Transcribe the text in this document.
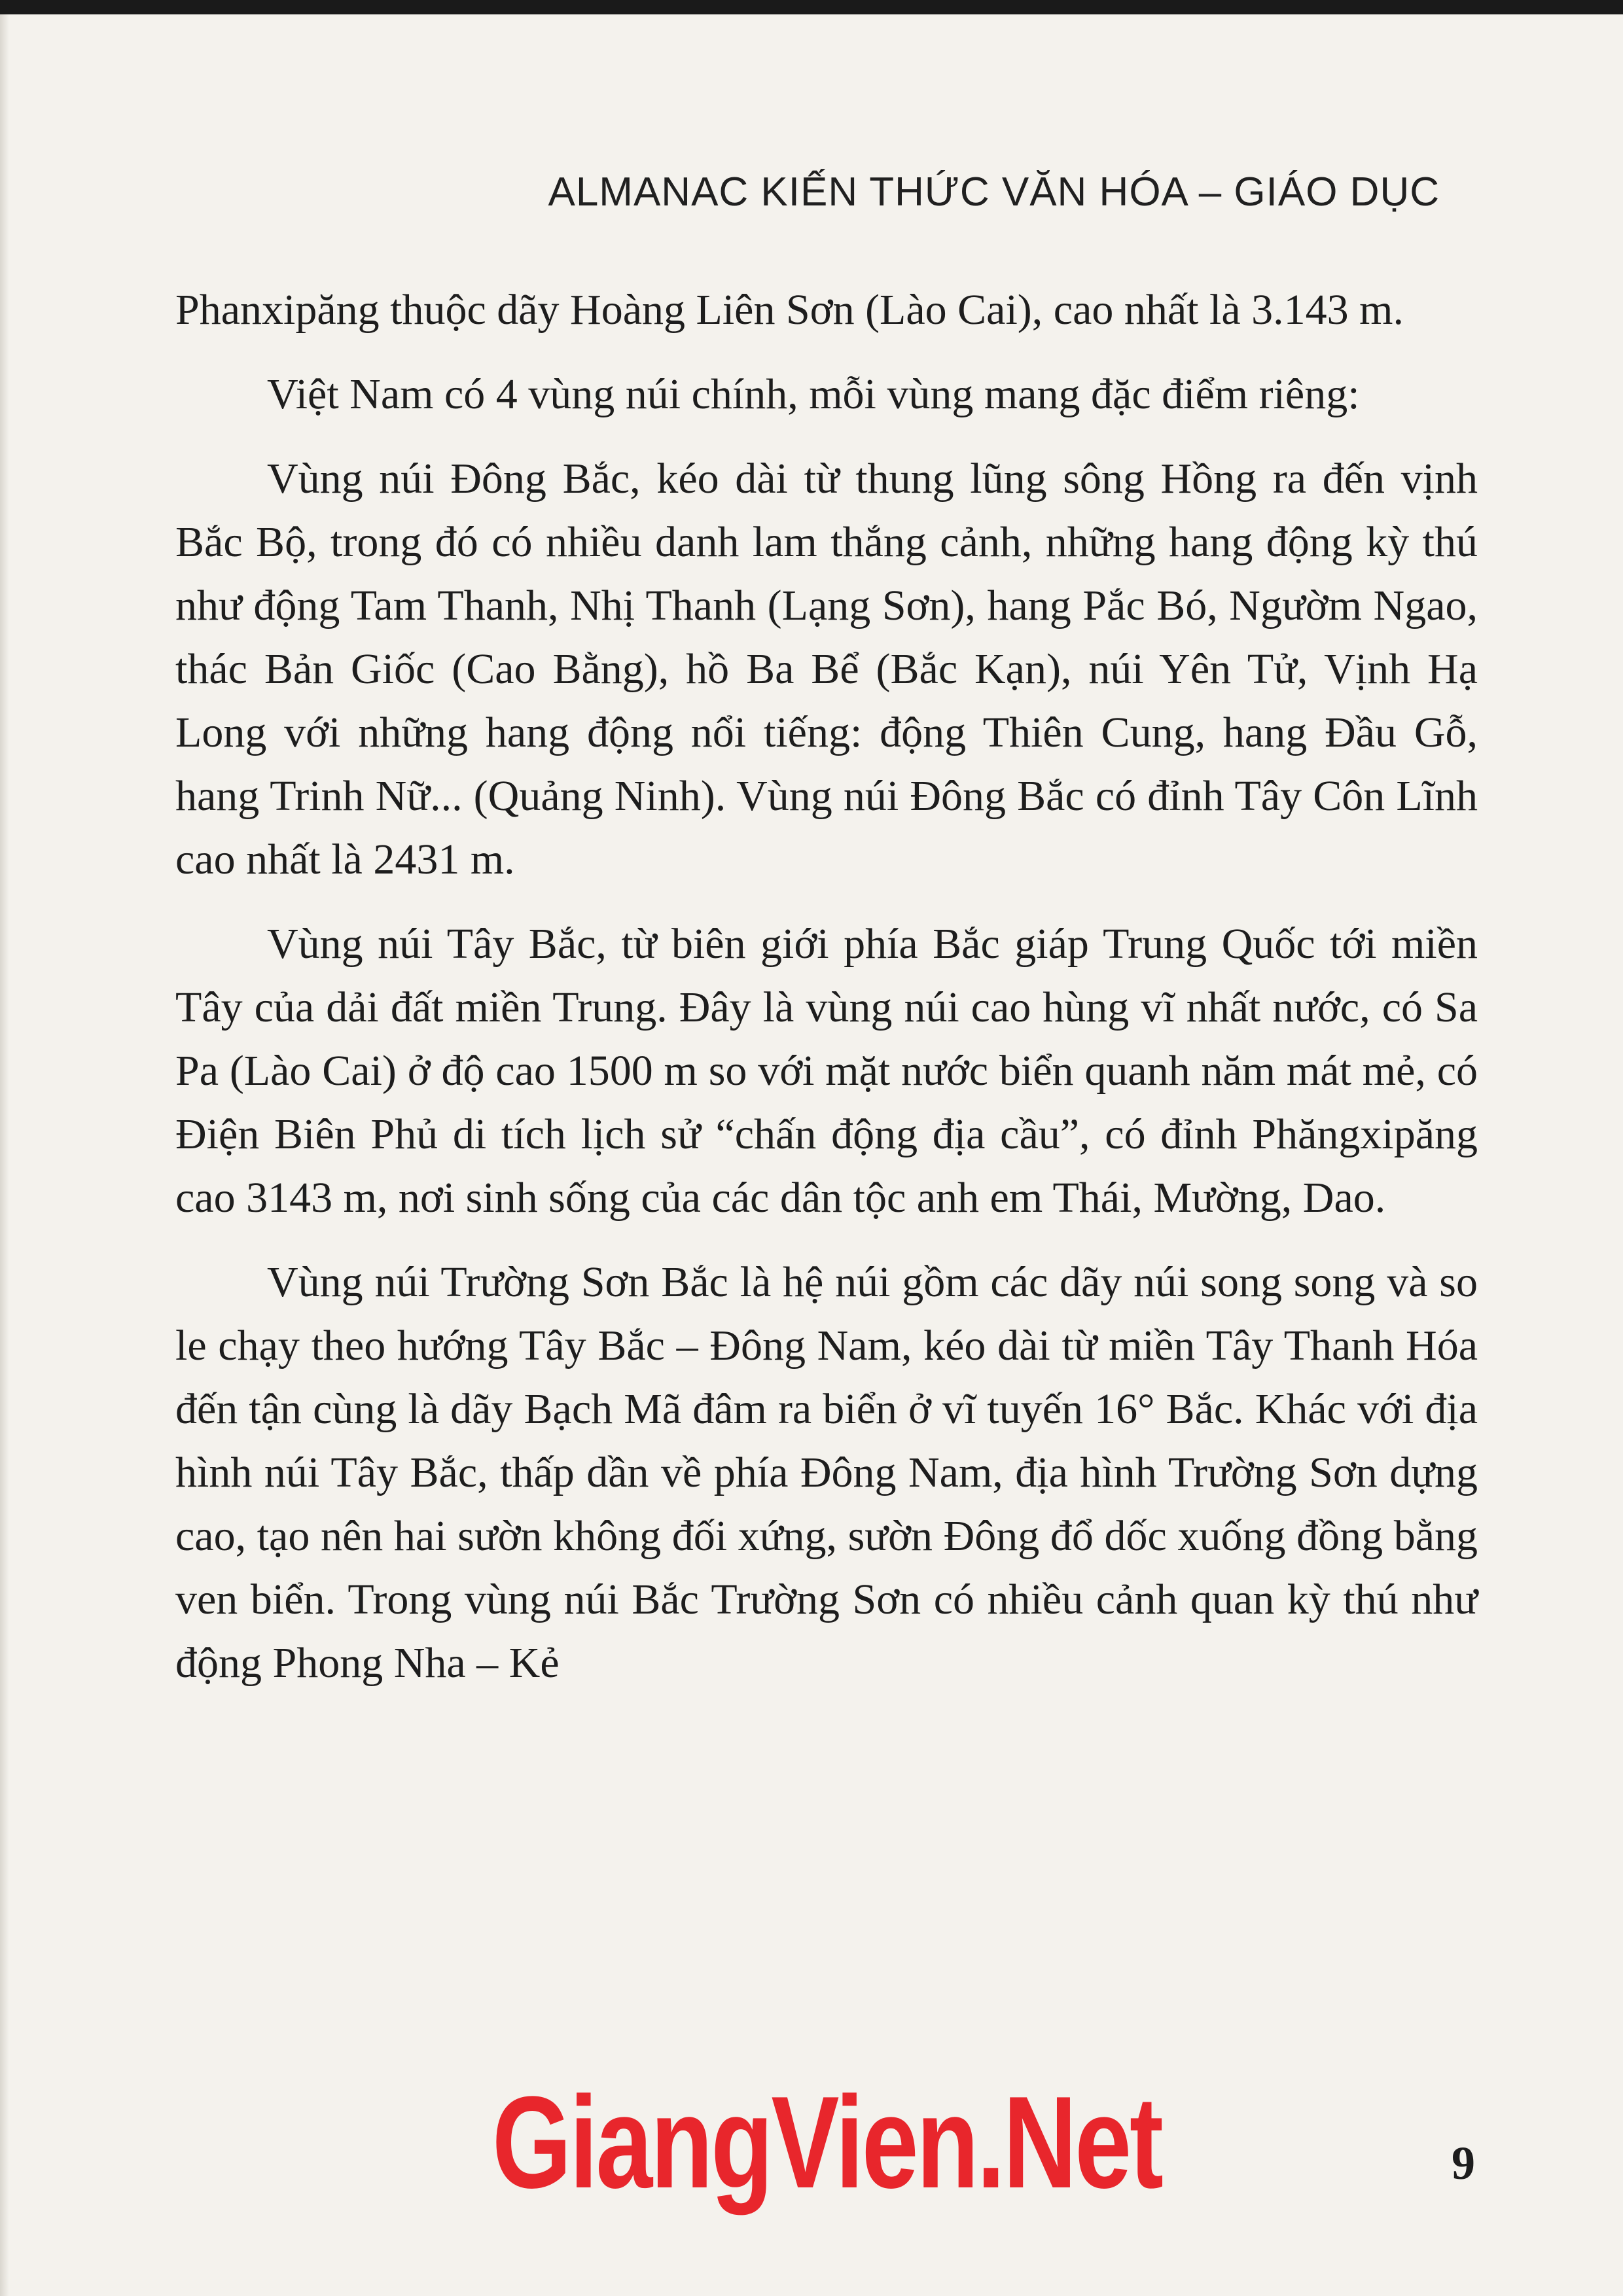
ALMANAC KIẾN THỨC VĂN HÓA – GIÁO DỤC

Phanxipăng thuộc dãy Hoàng Liên Sơn (Lào Cai), cao nhất là 3.143 m.

Việt Nam có 4 vùng núi chính, mỗi vùng mang đặc điểm riêng:

Vùng núi Đông Bắc, kéo dài từ thung lũng sông Hồng ra đến vịnh Bắc Bộ, trong đó có nhiều danh lam thắng cảnh, những hang động kỳ thú như động Tam Thanh, Nhị Thanh (Lạng Sơn), hang Pắc Bó, Ngườm Ngao, thác Bản Giốc (Cao Bằng), hồ Ba Bể (Bắc Kạn), núi Yên Tử, Vịnh Hạ Long với những hang động nổi tiếng: động Thiên Cung, hang Đầu Gỗ, hang Trinh Nữ... (Quảng Ninh). Vùng núi Đông Bắc có đỉnh Tây Côn Lĩnh cao nhất là 2431 m.

Vùng núi Tây Bắc, từ biên giới phía Bắc giáp Trung Quốc tới miền Tây của dải đất miền Trung. Đây là vùng núi cao hùng vĩ nhất nước, có Sa Pa (Lào Cai) ở độ cao 1500 m so với mặt nước biển quanh năm mát mẻ, có Điện Biên Phủ di tích lịch sử “chấn động địa cầu”, có đỉnh Phăngxipăng cao 3143 m, nơi sinh sống của các dân tộc anh em Thái, Mường, Dao.

Vùng núi Trường Sơn Bắc là hệ núi gồm các dãy núi song song và so le chạy theo hướng Tây Bắc – Đông Nam, kéo dài từ miền Tây Thanh Hóa đến tận cùng là dãy Bạch Mã đâm ra biển ở vĩ tuyến 16° Bắc. Khác với địa hình núi Tây Bắc, thấp dần về phía Đông Nam, địa hình Trường Sơn dựng cao, tạo nên hai sườn không đối xứng, sườn Đông đổ dốc xuống đồng bằng ven biển. Trong vùng núi Bắc Trường Sơn có nhiều cảnh quan kỳ thú như động Phong Nha – Kẻ

GiangVien.Net	9
